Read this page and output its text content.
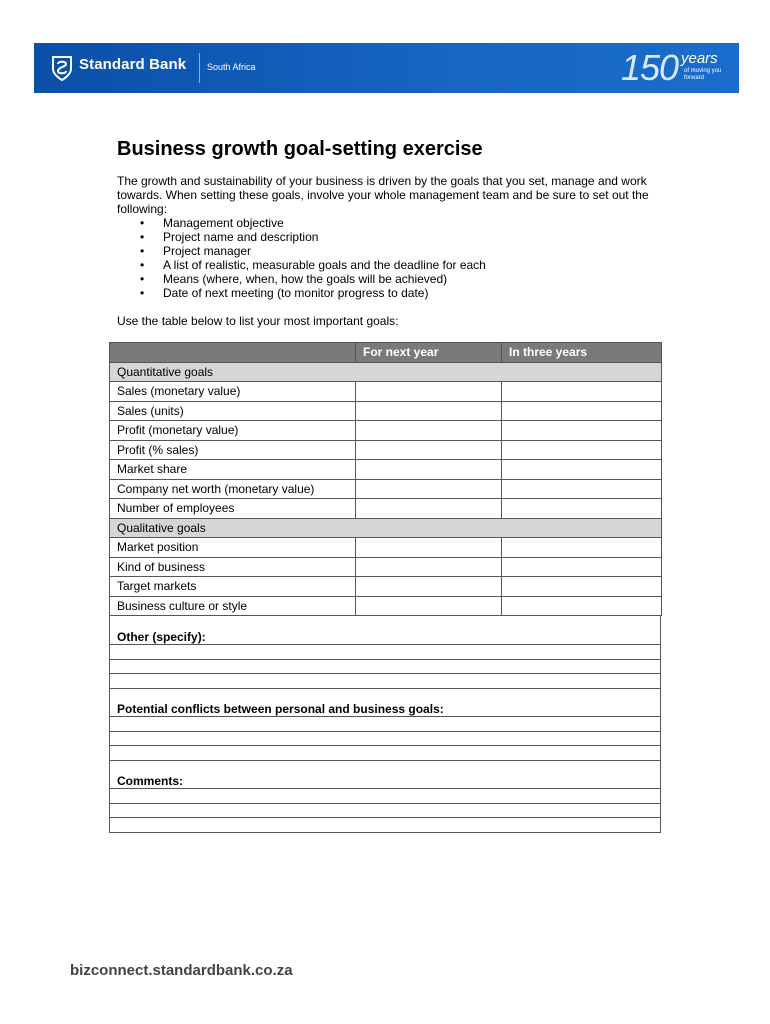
Standard Bank South Africa	150 years
of moving you forward
Business growth goal-setting exercise

The growth and sustainability of your business is driven by the goals that you set, manage and work towards. When setting these goals, involve your whole management team and be sure to set out the following:

• Management objective
• Project name and description
• Project manager
• A list of realistic, measurable goals and the deadline for each
• Means (where, when, how the goals will be achieved)
• Date of next meeting (to monitor progress to date)

Use the table below to list your most important goals:

	For next year	In three years
Quantitative goals		
Sales (monetary value)		
Sales (units)		
Profit (monetary value)		
Profit (% sales)		
Market share		
Company net worth (monetary value)		
Number of employees		
Qualitative goals		
Market position		
Kind of business		
Target markets		
Business culture or style		
Other (specify):
Potential conflicts between personal and business goals:
Comments:
bizconnect.standardbank.co.za
